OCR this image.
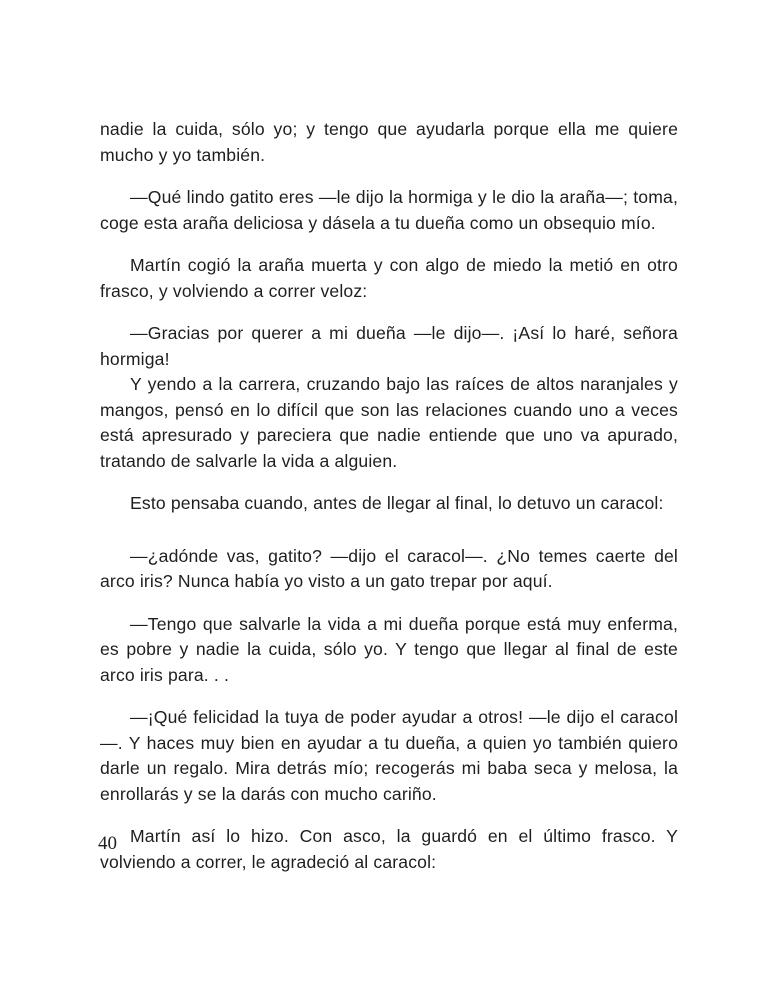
nadie la cuida, sólo yo; y tengo que ayudarla porque ella me quiere mucho y yo también.

—Qué lindo gatito eres —le dijo la hormiga y le dio la araña—; toma, coge esta araña deliciosa y dásela a tu dueña como un obsequio mío.

Martín cogió la araña muerta y con algo de miedo la metió en otro frasco, y volviendo a correr veloz:

—Gracias por querer a mi dueña —le dijo—. ¡Así lo haré, señora hormiga!

Y yendo a la carrera, cruzando bajo las raíces de altos naranjales y mangos, pensó en lo difícil que son las relaciones cuando uno a veces está apresurado y pareciera que nadie entiende que uno va apurado, tratando de salvarle la vida a alguien.

Esto pensaba cuando, antes de llegar al final, lo detuvo un caracol:

—¿adónde vas, gatito? —dijo el caracol—. ¿No temes caerte del arco iris? Nunca había yo visto a un gato trepar por aquí.

—Tengo que salvarle la vida a mi dueña porque está muy enferma, es pobre y nadie la cuida, sólo yo. Y tengo que llegar al final de este arco iris para. . .

—¡Qué felicidad la tuya de poder ayudar a otros! —le dijo el caracol—. Y haces muy bien en ayudar a tu dueña, a quien yo también quiero darle un regalo. Mira detrás mío; recogerás mi baba seca y melosa, la enrollarás y se la darás con mucho cariño.

Martín así lo hizo. Con asco, la guardó en el último frasco. Y volviendo a correr, le agradeció al caracol:

40
